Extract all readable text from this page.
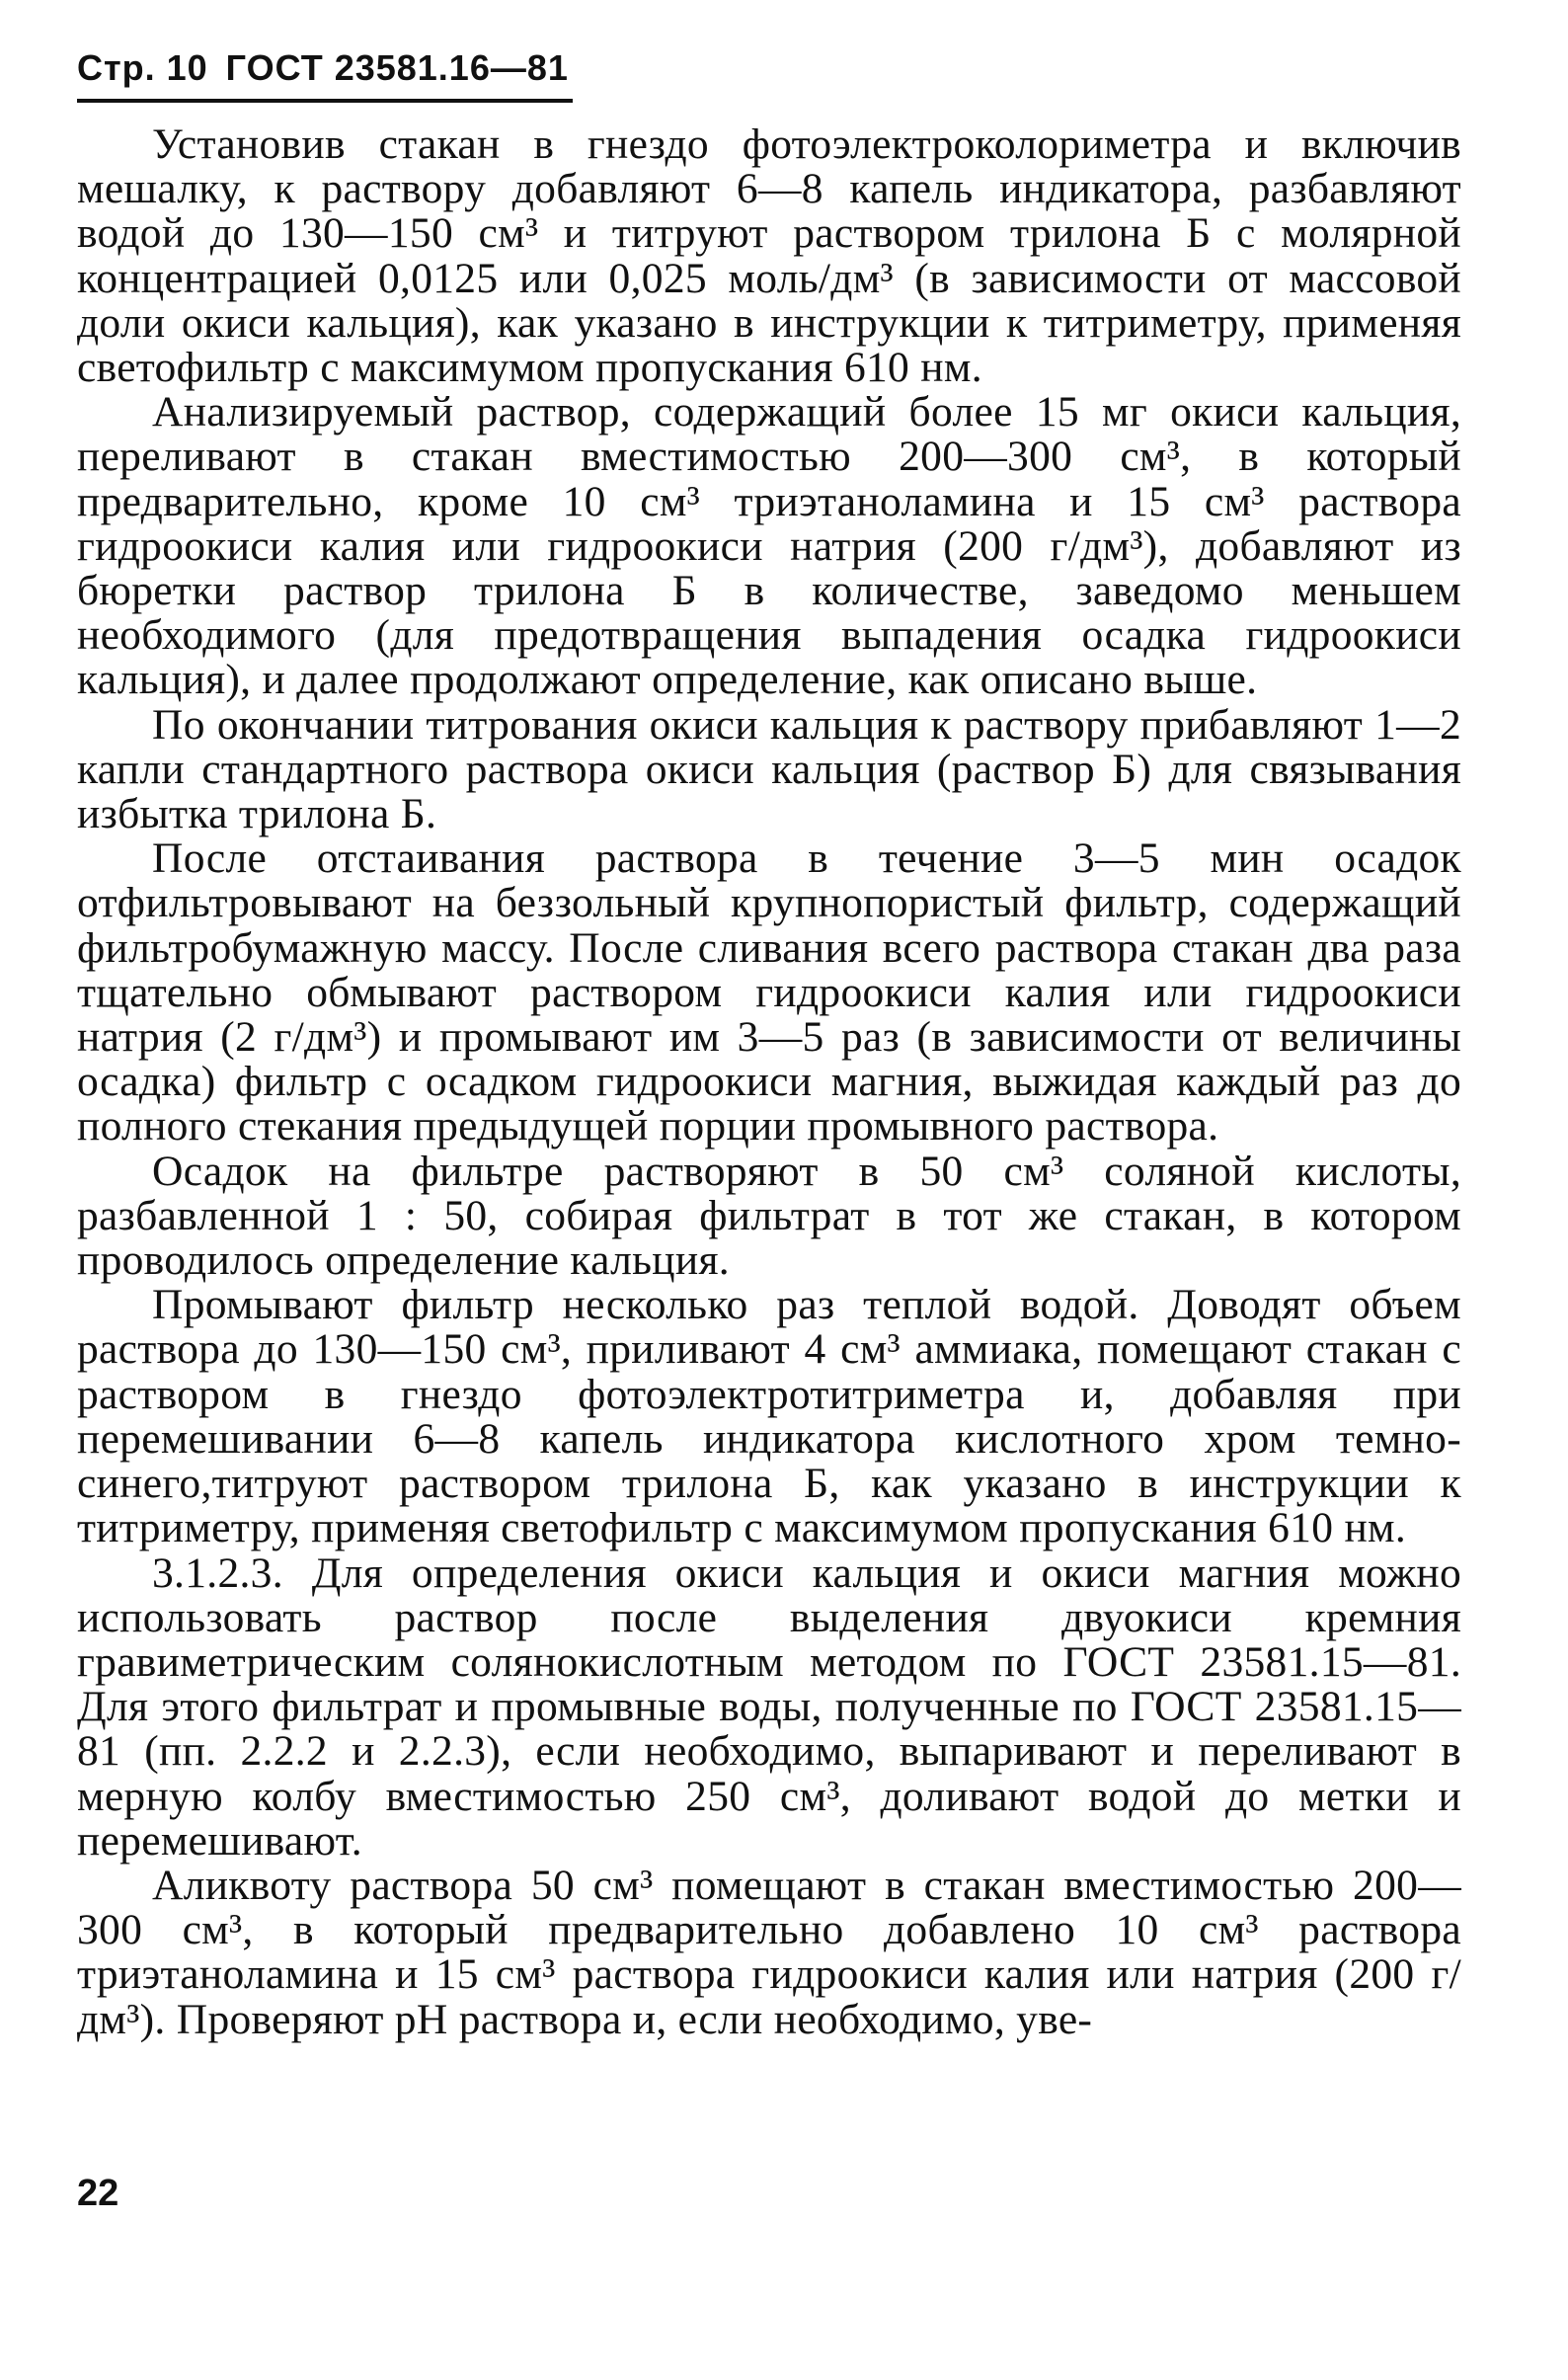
Стр. 10 ГОСТ 23581.16—81

Установив стакан в гнездо фотоэлектроколориметра и включив мешалку, к раствору добавляют 6—8 капель индикатора, разбавляют водой до 130—150 см³ и титруют раствором трилона Б с молярной концентрацией 0,0125 или 0,025 моль/дм³ (в зависимости от массовой доли окиси кальция), как указано в инструкции к титриметру, применяя светофильтр с максимумом пропускания 610 нм.

Анализируемый раствор, содержащий более 15 мг окиси кальция, переливают в стакан вместимостью 200—300 см³, в который предварительно, кроме 10 см³ триэтаноламина и 15 см³ раствора гидроокиси калия или гидроокиси натрия (200 г/дм³), добавляют из бюретки раствор трилона Б в количестве, заведомо меньшем необходимого (для предотвращения выпадения осадка гидроокиси кальция), и далее продолжают определение, как описано выше.

По окончании титрования окиси кальция к раствору прибавляют 1—2 капли стандартного раствора окиси кальция (раствор Б) для связывания избытка трилона Б.

После отстаивания раствора в течение 3—5 мин осадок отфильтровывают на беззольный крупнопористый фильтр, содержащий фильтробумажную массу. После сливания всего раствора стакан два раза тщательно обмывают раствором гидроокиси калия или гидроокиси натрия (2 г/дм³) и промывают им 3—5 раз (в зависимости от величины осадка) фильтр с осадком гидроокиси магния, выжидая каждый раз до полного стекания предыдущей порции промывного раствора.

Осадок на фильтре растворяют в 50 см³ соляной кислоты, разбавленной 1 : 50, собирая фильтрат в тот же стакан, в котором проводилось определение кальция.

Промывают фильтр несколько раз теплой водой. Доводят объем раствора до 130—150 см³, приливают 4 см³ аммиака, помещают стакан с раствором в гнездо фотоэлектротитриметра и, добавляя при перемешивании 6—8 капель индикатора кислотного хром темно-синего,титруют раствором трилона Б, как указано в инструкции к титриметру, применяя светофильтр с максимумом пропускания 610 нм.

3.1.2.3. Для определения окиси кальция и окиси магния можно использовать раствор после выделения двуокиси кремния гравиметрическим солянокислотным методом по ГОСТ 23581.15—81. Для этого фильтрат и промывные воды, полученные по ГОСТ 23581.15—81 (пп. 2.2.2 и 2.2.3), если необходимо, выпаривают и переливают в мерную колбу вместимостью 250 см³, доливают водой до метки и перемешивают.

Аликвоту раствора 50 см³ помещают в стакан вместимостью 200—300 см³, в который предварительно добавлено 10 см³ раствора триэтаноламина и 15 см³ раствора гидроокиси калия или натрия (200 г/дм³). Проверяют pH раствора и, если необходимо, уве-

22
